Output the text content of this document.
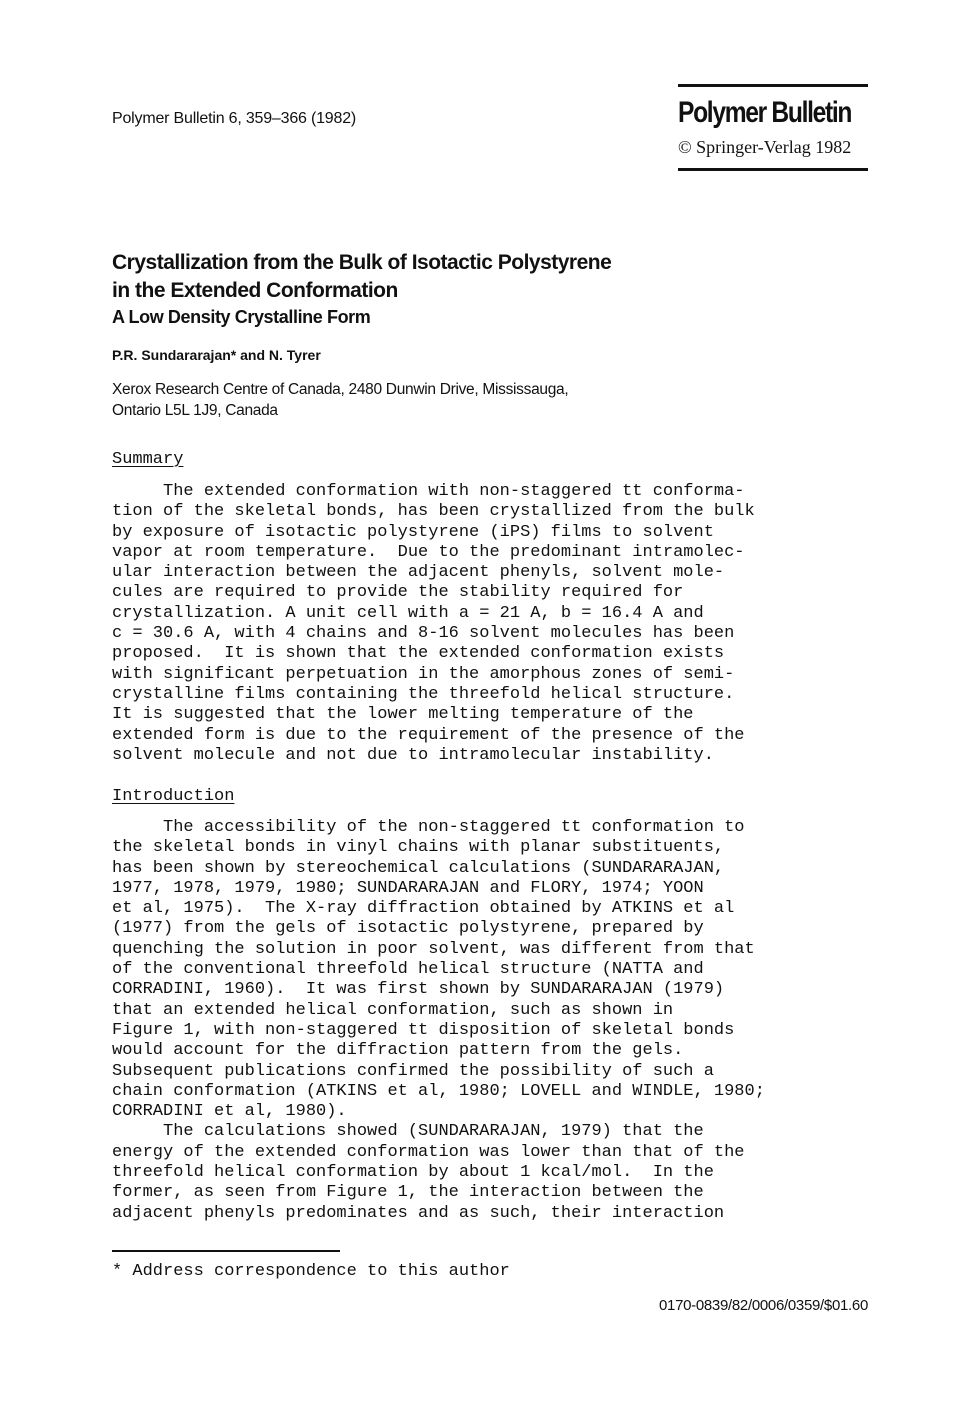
Polymer Bulletin 6, 359–366 (1982)	Polymer Bulletin
© Springer-Verlag 1982
Crystallization from the Bulk of Isotactic Polystyrene
in the Extended Conformation
A Low Density Crystalline Form
P.R. Sundararajan* and N. Tyrer
Xerox Research Centre of Canada, 2480 Dunwin Drive, Mississauga,
Ontario L5L 1J9, Canada
Summary
The extended conformation with non-staggered tt conforma-
tion of the skeletal bonds, has been crystallized from the bulk
by exposure of isotactic polystyrene (iPS) films to solvent
vapor at room temperature.  Due to the predominant intramolec-
ular interaction between the adjacent phenyls, solvent mole-
cules are required to provide the stability required for
crystallization. A unit cell with a = 21 A, b = 16.4 A and
c = 30.6 A, with 4 chains and 8-16 solvent molecules has been
proposed.  It is shown that the extended conformation exists
with significant perpetuation in the amorphous zones of semi-
crystalline films containing the threefold helical structure.
It is suggested that the lower melting temperature of the
extended form is due to the requirement of the presence of the
solvent molecule and not due to intramolecular instability.
Introduction
The accessibility of the non-staggered tt conformation to
the skeletal bonds in vinyl chains with planar substituents,
has been shown by stereochemical calculations (SUNDARARAJAN,
1977, 1978, 1979, 1980; SUNDARARAJAN and FLORY, 1974; YOON
et al, 1975).  The X-ray diffraction obtained by ATKINS et al
(1977) from the gels of isotactic polystyrene, prepared by
quenching the solution in poor solvent, was different from that
of the conventional threefold helical structure (NATTA and
CORRADINI, 1960).  It was first shown by SUNDARARAJAN (1979)
that an extended helical conformation, such as shown in
Figure 1, with non-staggered tt disposition of skeletal bonds
would account for the diffraction pattern from the gels.
Subsequent publications confirmed the possibility of such a
chain conformation (ATKINS et al, 1980; LOVELL and WINDLE, 1980;
CORRADINI et al, 1980).
The calculations showed (SUNDARARAJAN, 1979) that the
energy of the extended conformation was lower than that of the
threefold helical conformation by about 1 kcal/mol.  In the
former, as seen from Figure 1, the interaction between the
adjacent phenyls predominates and as such, their interaction
* Address correspondence to this author
0170-0839/82/0006/0359/$01.60
